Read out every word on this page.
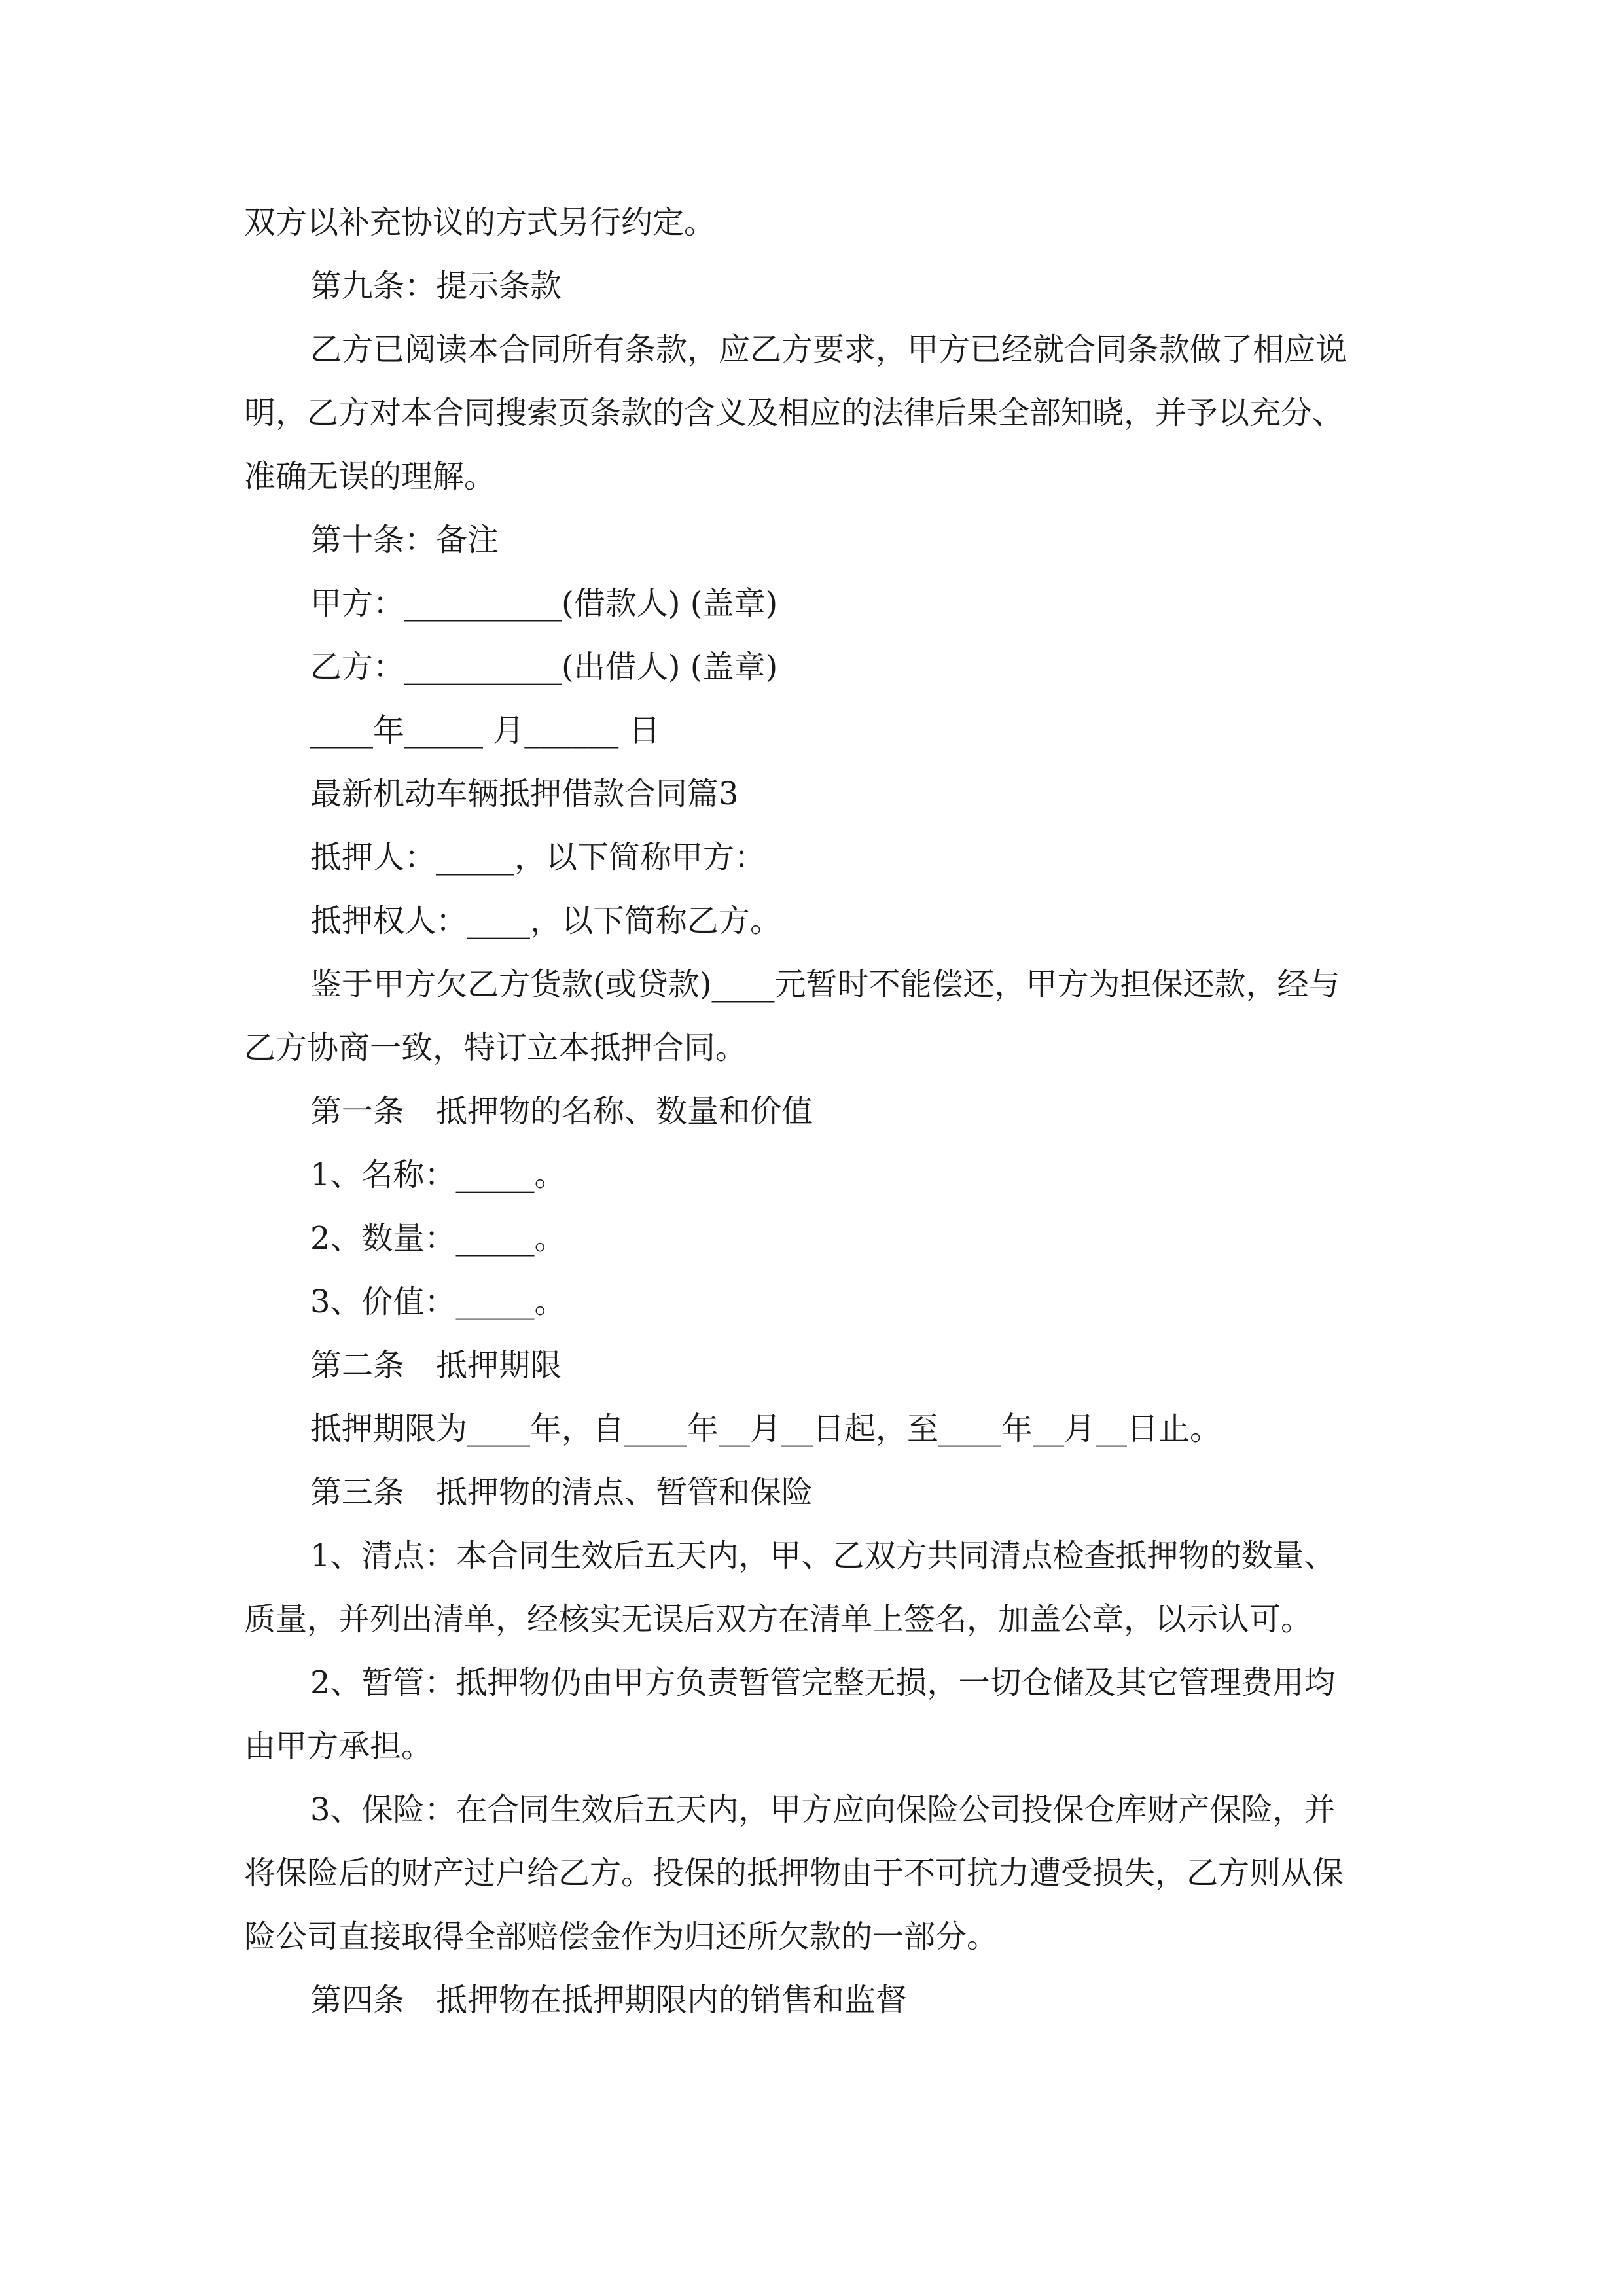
双方以补充协议的方式另行约定。
第九条：提示条款
乙方已阅读本合同所有条款，应乙方要求，甲方已经就合同条款做了相应说
明，乙方对本合同搜索页条款的含义及相应的法律后果全部知晓，并予以充分、
准确无误的理解。
第十条：备注
甲方：__________(借款人) (盖章)
乙方：__________(出借人) (盖章)
____年_____ 月______ 日
最新机动车辆抵押借款合同篇3
抵押人：_____，以下简称甲方：
抵押权人：____，以下简称乙方。
鉴于甲方欠乙方货款(或贷款)____元暂时不能偿还，甲方为担保还款，经与
乙方协商一致，特订立本抵押合同。
第一条　抵押物的名称、数量和价值
1、名称：_____。
2、数量：_____。
3、价值：_____。
第二条　抵押期限
抵押期限为____年，自____年__月__日起，至____年__月__日止。
第三条　抵押物的清点、暂管和保险
1、清点：本合同生效后五天内，甲、乙双方共同清点检查抵押物的数量、
质量，并列出清单，经核实无误后双方在清单上签名，加盖公章，以示认可。
2、暂管：抵押物仍由甲方负责暂管完整无损，一切仓储及其它管理费用均
由甲方承担。
3、保险：在合同生效后五天内，甲方应向保险公司投保仓库财产保险，并
将保险后的财产过户给乙方。投保的抵押物由于不可抗力遭受损失，乙方则从保
险公司直接取得全部赔偿金作为归还所欠款的一部分。
第四条　抵押物在抵押期限内的销售和监督
